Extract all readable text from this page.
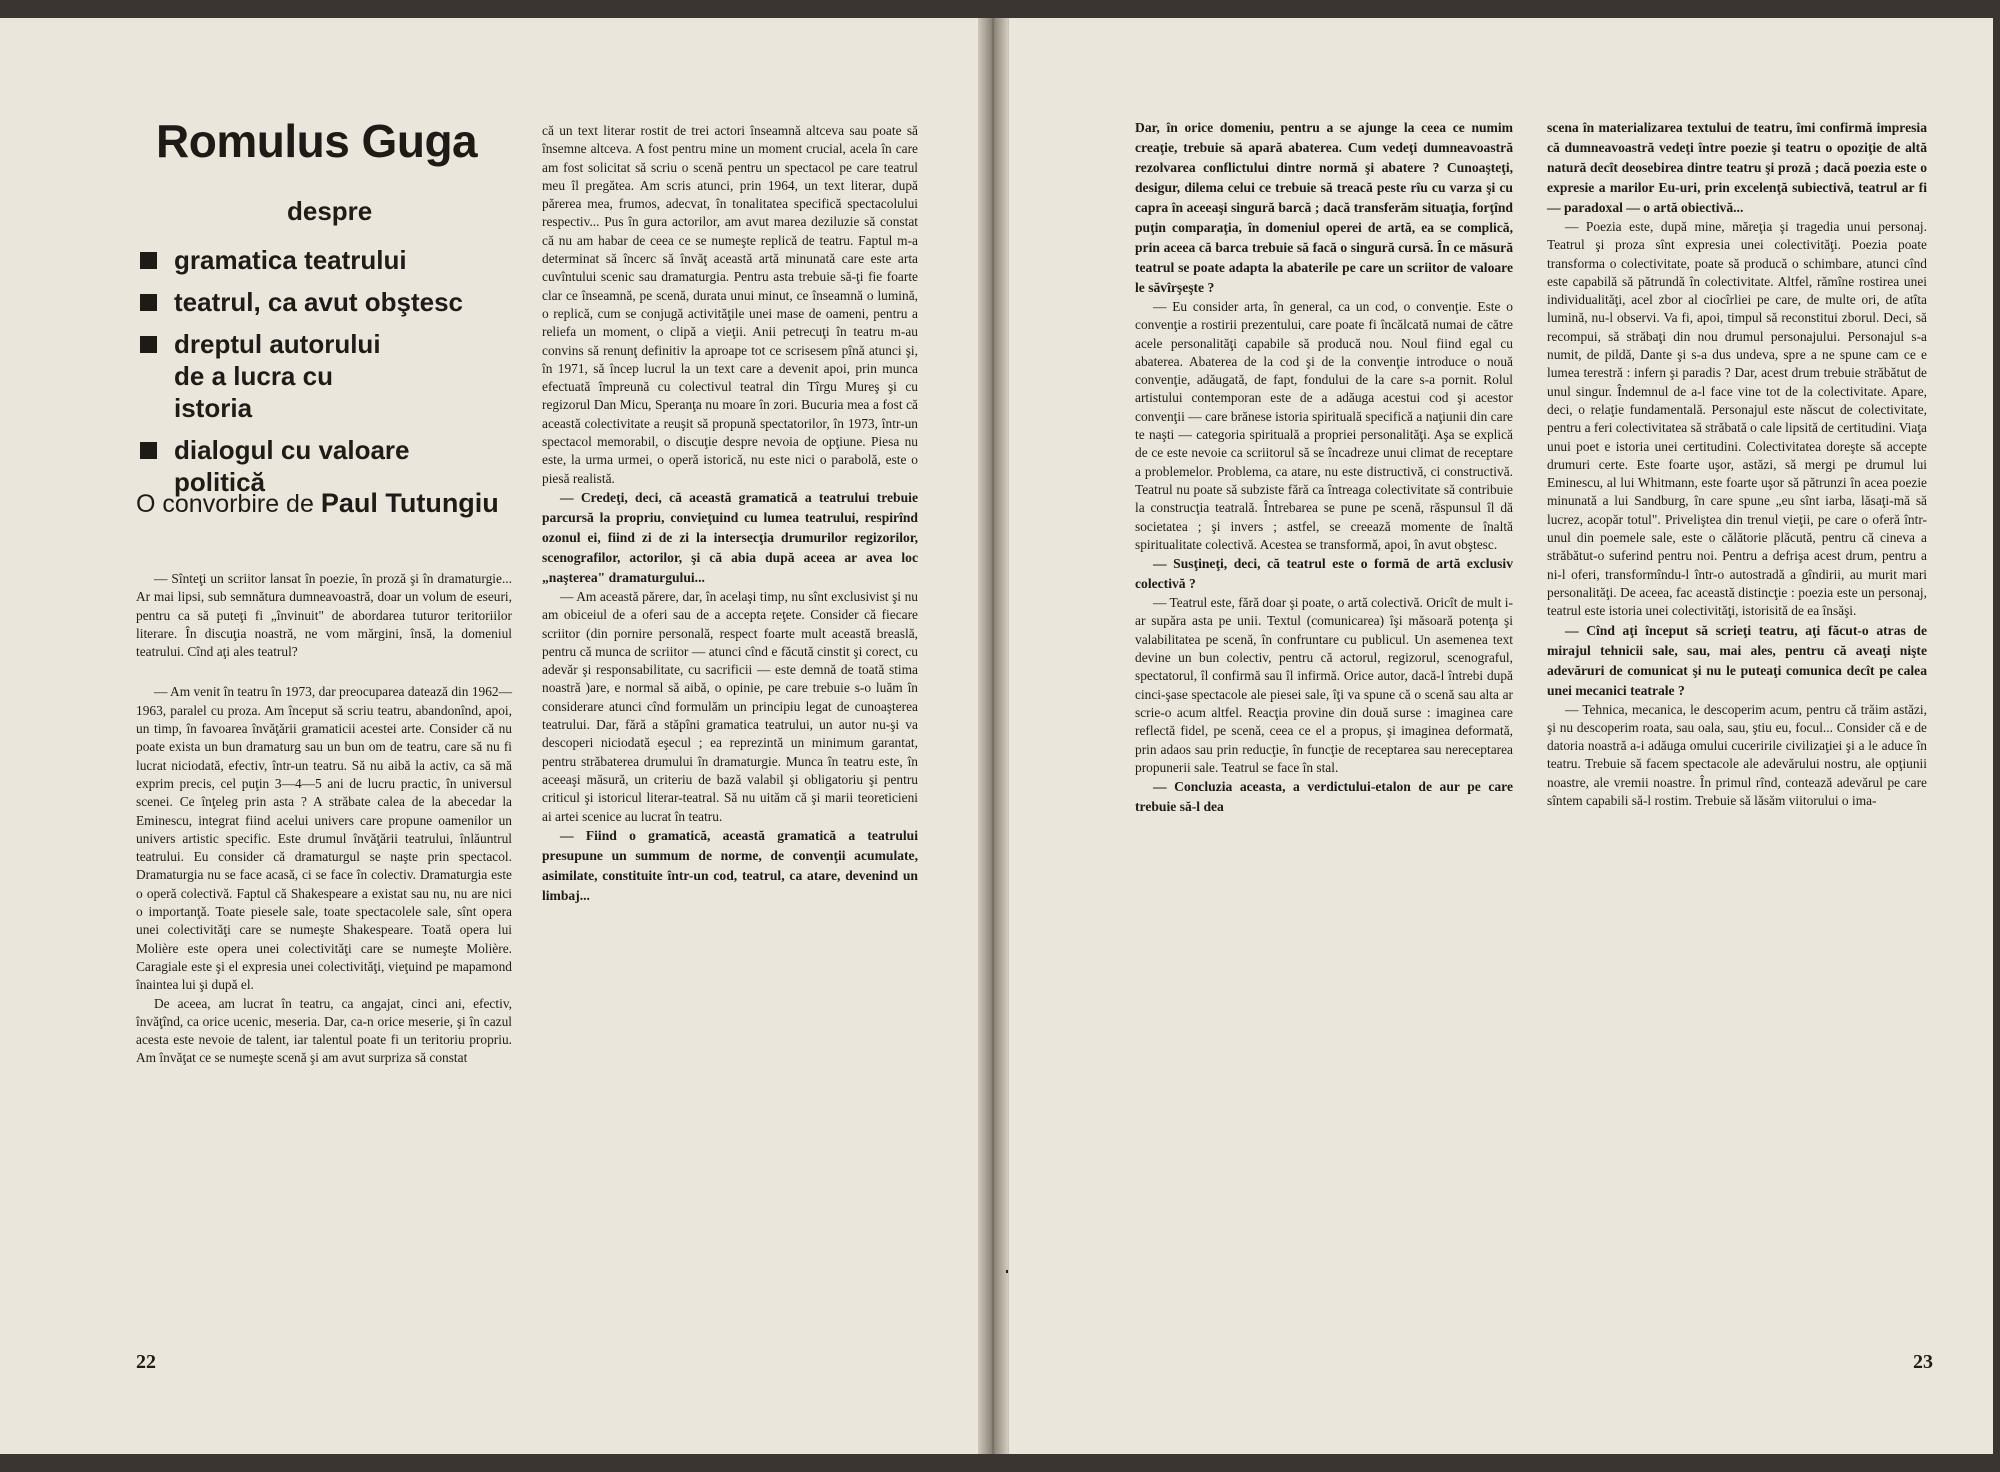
Romulus Guga
despre
gramatica teatrului
teatrul, ca avut obştesc
dreptul autorului de a lucra cu istoria
dialogul cu valoare politică
O convorbire de Paul Tutungiu

— Sînteţi un scriitor lansat în poezie, în proză şi în dramaturgie... Ar mai lipsi, sub semnătura dumneavoastră, doar un volum de eseuri, pentru ca să puteţi fi „învinuit" de abordarea tuturor teritoriilor literare. În discuţia noastră, ne vom mărgini, însă, la domeniul teatrului. Cînd aţi ales teatrul?

— Am venit în teatru în 1973, dar preocuparea datează din 1962—1963, paralel cu proza. Am început să scriu teatru, abandonînd, apoi, un timp, în favoarea învăţării gramaticii acestei arte. Consider că nu poate exista un bun dramaturg sau un bun om de teatru, care să nu fi lucrat niciodată, efectiv, într-un teatru. Să nu aibă la activ, ca să mă exprim precis, cel puţin 3—4—5 ani de lucru practic, în universul scenei. Ce înţeleg prin asta ? A străbate calea de la abecedar la Eminescu, integrat fiind acelui univers care propune oamenilor un univers artistic specific. Este drumul învăţării teatrului, înlăuntrul teatrului. Eu consider că dramaturgul se naşte prin spectacol. Dramaturgia nu se face acasă, ci se face în colectiv. Dramaturgia este o operă colectivă. Faptul că Shakespeare a existat sau nu, nu are nici o importanţă. Toate piesele sale, toate spectacolele sale, sînt opera unei colectivităţi care se numeşte Shakespeare. Toată opera lui Molière este opera unei colectivităţi care se numeşte Molière. Caragiale este şi el expresia unei colectivităţi, vieţuind pe mapamond înaintea lui şi după el.

De aceea, am lucrat în teatru, ca angajat, cinci ani, efectiv, învăţînd, ca orice ucenic, meseria. Dar, ca-n orice meserie, şi în cazul acesta este nevoie de talent, iar talentul poate fi un teritoriu propriu. Am învăţat ce se numeşte scenă şi am avut surpriza să constat

că un text literar rostit de trei actori înseamnă altceva sau poate să însemne altceva. A fost pentru mine un moment crucial, acela în care am fost solicitat să scriu o scenă pentru un spectacol pe care teatrul meu îl pregătea. Am scris atunci, prin 1964, un text literar, după părerea mea, frumos, adecvat, în tonalitatea specifică spectacolului respectiv... Pus în gura actorilor, am avut marea deziluzie să constat că nu am habar de ceea ce se numeşte replică de teatru. Faptul m-a determinat să încerc să învăţ această artă minunată care este arta cuvîntului scenic sau dramaturgia. Pentru asta trebuie să-ţi fie foarte clar ce înseamnă, pe scenă, durata unui minut, ce înseamnă o lumină, o replică, cum se conjugă activităţile unei mase de oameni, pentru a reliefa un moment, o clipă a vieţii. Anii petrecuţi în teatru m-au convins să renunţ definitiv la aproape tot ce scrisesem pînă atunci şi, în 1971, să încep lucrul la un text care a devenit apoi, prin munca efectuată împreună cu colectivul teatral din Tîrgu Mureş şi cu regizorul Dan Micu, Speranţa nu moare în zori. Bucuria mea a fost că această colectivitate a reuşit să propună spectatorilor, în 1973, într-un spectacol memorabil, o discuţie despre nevoia de opţiune. Piesa nu este, la urma urmei, o operă istorică, nu este nici o parabolă, este o piesă realistă.

— Credeţi, deci, că această gramatică a teatrului trebuie parcursă la propriu, convieţuind cu lumea teatrului, respirînd ozonul ei, fiind zi de zi la intersecţia drumurilor regizorilor, scenografilor, actorilor, şi că abia după aceea ar avea loc „naşterea" dramaturgului...

— Am această părere, dar, în acelaşi timp, nu sînt exclusivist şi nu am obiceiul de a oferi sau de a accepta reţete. Consider că fiecare scriitor (din pornire personală, respect foarte mult această breaslă, pentru că munca de scriitor — atunci cînd e făcută cinstit şi corect, cu adevăr şi responsabilitate, cu sacrificii — este demnă de toată stima noastră )are, e normal să aibă, o opinie, pe care trebuie s-o luăm în considerare atunci cînd formulăm un principiu legat de cunoaşterea teatrului. Dar, fără a stăpîni gramatica teatrului, un autor nu-şi va descoperi niciodată eşecul ; ea reprezintă un minimum garantat, pentru străbaterea drumului în dramaturgie. Munca în teatru este, în aceeaşi măsură, un criteriu de bază valabil şi obligatoriu şi pentru criticul şi istoricul literar-teatral. Să nu uităm că şi marii teoreticieni ai artei scenice au lucrat în teatru.

— Fiind o gramatică, această gramatică a teatrului presupune un summum de norme, de convenţii acumulate, asimilate, constituite într-un cod, teatrul, ca atare, devenind un limbaj...

22

Dar, în orice domeniu, pentru a se ajunge la ceea ce numim creaţie, trebuie să apară abaterea. Cum vedeţi dumneavoastră rezolvarea conflictului dintre normă şi abatere ? Cunoaşteţi, desigur, dilema celui ce trebuie să treacă peste rîu cu varza şi cu capra în aceeaşi singură barcă ; dacă transferăm situaţia, forţînd puţin comparaţia, în domeniul operei de artă, ea se complică, prin aceea că barca trebuie să facă o singură cursă. În ce măsură teatrul se poate adapta la abaterile pe care un scriitor de valoare le săvîrşeşte ?

— Eu consider arta, în general, ca un cod, o convenţie. Este o convenţie a rostirii prezentului, care poate fi încălcată numai de către acele personalităţi capabile să producă nou. Noul fiind egal cu abaterea. Abaterea de la cod şi de la convenţie introduce o nouă convenţie, adăugată, de fapt, fondului de la care s-a pornit. Rolul artistului contemporan este de a adăuga acestui cod şi acestor convenţii — care brănese istoria spirituală specifică a naţiunii din care te naşti — categoria spirituală a propriei personalităţi. Aşa se explică de ce este nevoie ca scriitorul să se încadreze unui climat de receptare a problemelor. Problema, ca atare, nu este distructivă, ci constructivă. Teatrul nu poate să subziste fără ca întreaga colectivitate să contribuie la construcţia teatrală. Întrebarea se pune pe scenă, răspunsul îl dă societatea ; şi invers ; astfel, se creează momente de înaltă spiritualitate colectivă. Acestea se transformă, apoi, în avut obştesc.

— Susţineţi, deci, că teatrul este o formă de artă exclusiv colectivă ?

— Teatrul este, fără doar şi poate, o artă colectivă. Oricît de mult i-ar supăra asta pe unii. Textul (comunicarea) îşi măsoară potenţa şi valabilitatea pe scenă, în confruntare cu publicul. Un asemenea text devine un bun colectiv, pentru că actorul, regizorul, scenograful, spectatorul, îl confirmă sau îl infirmă. Orice autor, dacă-l întrebi după cinci-şase spectacole ale piesei sale, îţi va spune că o scenă sau alta ar scrie-o acum altfel. Reacţia provine din două surse : imaginea care reflectă fidel, pe scenă, ceea ce el a propus, şi imaginea deformată, prin adaos sau prin reducţie, în funcţie de receptarea sau nereceptarea propunerii sale. Teatrul se face în stal.

— Concluzia aceasta, a verdictului-etalon de aur pe care trebuie să-l dea

scena în materializarea textului de teatru, îmi confirmă impresia că dumneavoastră vedeţi între poezie şi teatru o opoziţie de altă natură decît deosebirea dintre teatru şi proză ; dacă poezia este o expresie a marilor Eu-uri, prin excelenţă subiectivă, teatrul ar fi — paradoxal — o artă obiectivă...

— Poezia este, după mine, măreţia şi tragedia unui personaj. Teatrul şi proza sînt expresia unei colectivităţi. Poezia poate transforma o colectivitate, poate să producă o schimbare, atunci cînd este capabilă să pătrundă în colectivitate. Altfel, rămîne rostirea unei individualităţi, acel zbor al ciocîrliei pe care, de multe ori, de atîta lumină, nu-l observi. Va fi, apoi, timpul să reconstitui zborul. Deci, să recompui, să străbaţi din nou drumul personajului. Personajul s-a numit, de pildă, Dante şi s-a dus undeva, spre a ne spune cam ce e lumea terestră : infern şi paradis ? Dar, acest drum trebuie străbătut de unul singur. Îndemnul de a-l face vine tot de la colectivitate. Apare, deci, o relaţie fundamentală. Personajul este născut de colectivitate, pentru a feri colectivitatea să străbată o cale lipsită de certitudini. Viaţa unui poet e istoria unei certitudini. Colectivitatea doreşte să accepte drumuri certe. Este foarte uşor, astăzi, să mergi pe drumul lui Eminescu, al lui Whitmann, este foarte uşor să pătrunzi în acea poezie minunată a lui Sandburg, în care spune „eu sînt iarba, lăsaţi-mă să lucrez, acopăr totul". Priveliştea din trenul vieţii, pe care o oferă într-unul din poemele sale, este o călătorie plăcută, pentru că cineva a străbătut-o suferind pentru noi. Pentru a defrişa acest drum, pentru a ni-l oferi, transformîndu-l într-o autostradă a gîndirii, au murit mari personalităţi. De aceea, fac această distincţie : poezia este un personaj, teatrul este istoria unei colectivităţi, istorisită de ea însăşi.

— Cînd aţi început să scrieţi teatru, aţi făcut-o atras de mirajul tehnicii sale, sau, mai ales, pentru că aveaţi nişte adevăruri de comunicat şi nu le puteaţi comunica decît pe calea unei mecanici teatrale ?

— Tehnica, mecanica, le descoperim acum, pentru că trăim astăzi, şi nu descoperim roata, sau oala, sau, ştiu eu, focul... Consider că e de datoria noastră a-i adăuga omului cuceririle civilizaţiei şi a le aduce în teatru. Trebuie să facem spectacole ale adevărului nostru, ale opţiunii noastre, ale vremii noastre. În primul rînd, contează adevărul pe care sîntem capabili să-l rostim. Trebuie să lăsăm viitorului o ima-

23
